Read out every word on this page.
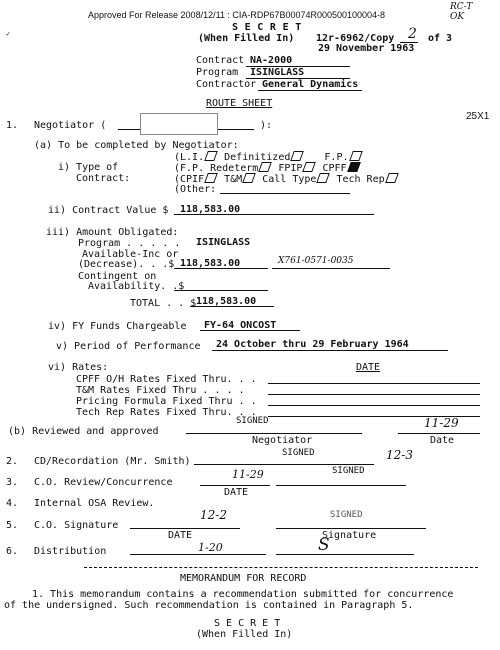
Approved For Release 2008/12/11 : CIA-RDP67B00074R000500100004-8
RC-T
OK
✓
S E C R E T
(When Filled In) 12r-6962/Copy 2 of 3
29 November 1963
Contract NA-2000
Program ISINGLASS
Contractor General Dynamics
ROUTE SHEET
1. Negotiator (	):
25X1
(a) To be completed by Negotiator:
(L.I. Definitized	F.P.
i) Type of	(F.P. Redeterm FPIP CPFF
Contract:	(CPIF T&M Call Type Tech Rep
(Other:
ii) Contract Value $ 118,583.00
iii) Amount Obligated:
Program . . . . . ISINGLASS
Available-Inc or
(Decrease). . .$ 118,583.00	X761-0571-0035
Contingent on
Availability. .$
TOTAL . . $ 118,583.00
iv) FY Funds Chargeable FY-64 ONCOST
v) Period of Performance 24 October thru 29 February 1964
vi) Rates:	DATE
CPFF O/H Rates Fixed Thru. . .
T&M Rates Fixed Thru . . . .
Pricing Formula Fixed Thru . .
Tech Rep Rates Fixed Thru. . .
(b) Reviewed and approved
SIGNED	11-29
Negotiator	Date
2. CD/Recordation (Mr. Smith)
SIGNED	12-3
3. C.O. Review/Concurrence
11-29	SIGNED
DATE
4. Internal OSA Review.
5. C.O. Signature
12-2	SIGNED
DATE	Signature
6. Distribution	1-20	S
MEMORANDUM FOR RECORD
1. This memorandum contains a recommendation submitted for concurrence
of the undersigned. Such recommendation is contained in Paragraph 5.
S E C R E T
(When Filled In)
